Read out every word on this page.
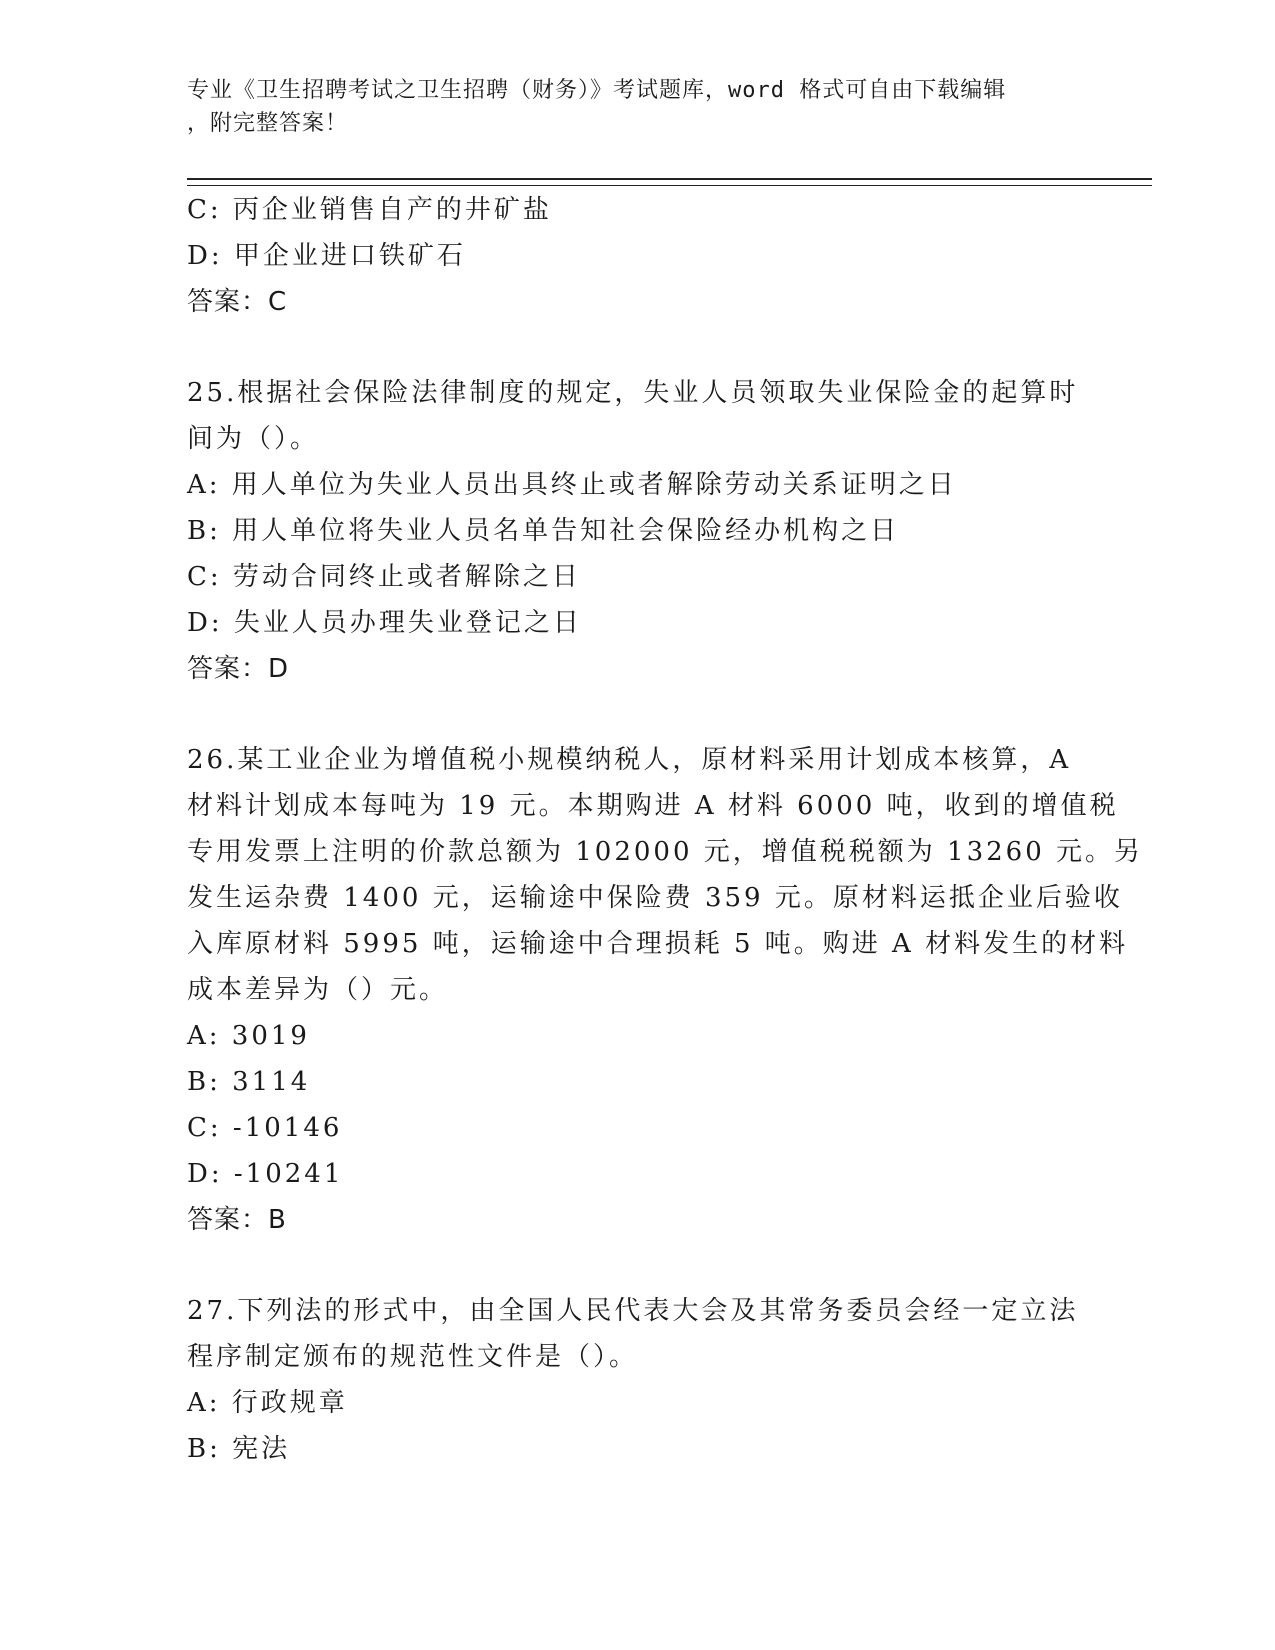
专业《卫生招聘考试之卫生招聘（财务）》考试题库，word 格式可自由下载编辑
，附完整答案！
C: 丙企业销售自产的井矿盐
D: 甲企业进口铁矿石
答案：C
25.根据社会保险法律制度的规定，失业人员领取失业保险金的起算时
间为（）。
A: 用人单位为失业人员出具终止或者解除劳动关系证明之日
B: 用人单位将失业人员名单告知社会保险经办机构之日
C: 劳动合同终止或者解除之日
D: 失业人员办理失业登记之日
答案：D
26.某工业企业为增值税小规模纳税人，原材料采用计划成本核算，A
材料计划成本每吨为 19 元。本期购进 A 材料 6000 吨，收到的增值税
专用发票上注明的价款总额为 102000 元，增值税税额为 13260 元。另
发生运杂费 1400 元，运输途中保险费 359 元。原材料运抵企业后验收
入库原材料 5995 吨，运输途中合理损耗 5 吨。购进 A 材料发生的材料
成本差异为（）元。
A: 3019
B: 3114
C: -10146
D: -10241
答案：B
27.下列法的形式中，由全国人民代表大会及其常务委员会经一定立法
程序制定颁布的规范性文件是（）。
A: 行政规章
B: 宪法
